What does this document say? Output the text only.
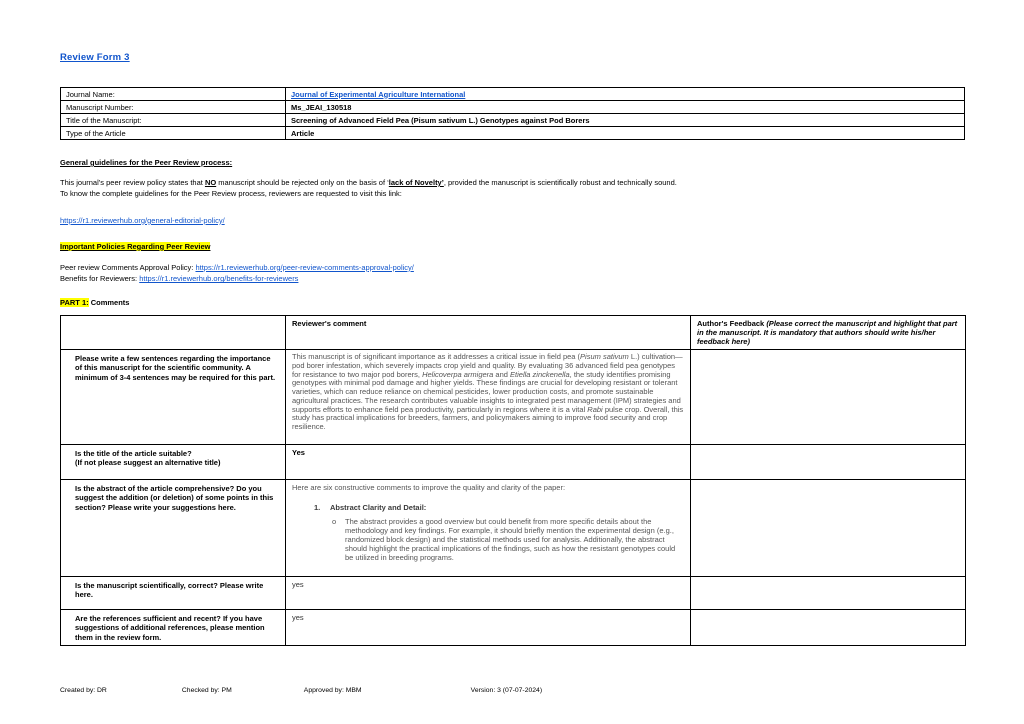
Review Form 3
Journal Name:	Journal of Experimental Agriculture International
Manuscript Number:	Ms_JEAI_130518
Title of the Manuscript:	Screening of Advanced Field Pea (Pisum sativum L.) Genotypes against Pod Borers
Type of the Article	Article
General guidelines for the Peer Review process:
This journal’s peer review policy states that NO manuscript should be rejected only on the basis of ‘lack of Novelty’, provided the manuscript is scientifically robust and technically sound.
To know the complete guidelines for the Peer Review process, reviewers are requested to visit this link:
https://r1.reviewerhub.org/general-editorial-policy/
Important Policies Regarding Peer Review
Peer review Comments Approval Policy: https://r1.reviewerhub.org/peer-review-comments-approval-policy/
Benefits for Reviewers: https://r1.reviewerhub.org/benefits-for-reviewers
PART 1: Comments
	Reviewer's comment	Author's Feedback (Please correct the manuscript and highlight that part in the manuscript. It is mandatory that authors should write his/her feedback here)
Please write a few sentences regarding the importance of this manuscript for the scientific community. A minimum of 3-4 sentences may be required for this part.	This manuscript is of significant importance as it addresses a critical issue in field pea (Pisum sativum L.) cultivation—pod borer infestation, which severely impacts crop yield and quality. By evaluating 36 advanced field pea genotypes for resistance to two major pod borers, Helicoverpa armigera and Etiella zinckenella, the study identifies promising genotypes with minimal pod damage and higher yields. These findings are crucial for developing resistant or tolerant varieties, which can reduce reliance on chemical pesticides, lower production costs, and promote sustainable agricultural practices. The research contributes valuable insights to integrated pest management (IPM) strategies and supports efforts to enhance field pea productivity, particularly in regions where it is a vital Rabi pulse crop. Overall, this study has practical implications for breeders, farmers, and policymakers aiming to improve food security and crop resilience.	

Is the title of the article suitable?
(If not please suggest an alternative title)	Yes	
Is the abstract of the article comprehensive? Do you suggest the addition (or deletion) of some points in this section? Please write your suggestions here.	Here are six constructive comments to improve the quality and clarity of the paper:
1. Abstract Clarity and Detail:
o The abstract provides a good overview but could benefit from more specific details about the methodology and key findings. For example, it should briefly mention the experimental design (e.g., randomized block design) and the statistical methods used for analysis. Additionally, the abstract should highlight the practical implications of the findings, such as how the resistant genotypes could be utilized in breeding programs.	

Is the manuscript scientifically, correct? Please write here.	yes	
Are the references sufficient and recent? If you have suggestions of additional references, please mention them in the review form.	yes	
Created by: DR	Checked by: PM	Approved by: MBM	Version: 3 (07-07-2024)
